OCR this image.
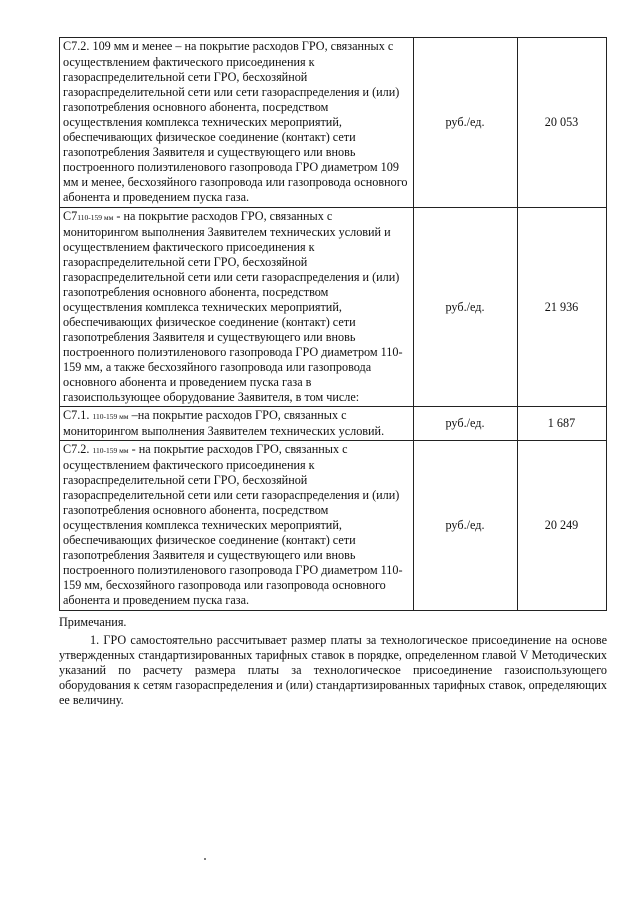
С7.2. 109 мм и менее – на покрытие расходов ГРО, связанных с осуществлением фактического присоединения к газораспределительной сети ГРО, бесхозяйной газораспределительной сети или сети газораспределения и (или) газопотребления основного абонента, посредством осуществления комплекса технических мероприятий, обеспечивающих физическое соединение (контакт) сети газопотребления Заявителя и существующего или вновь построенного полиэтиленового газопровода ГРО диаметром 109 мм и менее, бесхозяйного газопровода или газопровода основного абонента и проведением пуска газа.	руб./ед.	20 053
С7110-159 мм - на покрытие расходов ГРО, связанных с мониторингом выполнения Заявителем технических условий и осуществлением фактического присоединения к газораспределительной сети ГРО, бесхозяйной газораспределительной сети или сети газораспределения и (или) газопотребления основного абонента, посредством осуществления комплекса технических мероприятий, обеспечивающих физическое соединение (контакт) сети газопотребления Заявителя и существующего или вновь построенного полиэтиленового газопровода ГРО диаметром 110-159 мм, а также бесхозяйного газопровода или газопровода основного абонента и проведением пуска газа в газоиспользующее оборудование Заявителя, в том числе:	руб./ед.	21 936
С7.1. 110-159 мм –на покрытие расходов ГРО, связанных с мониторингом выполнения Заявителем технических условий.	руб./ед.	1 687
С7.2. 110-159 мм - на покрытие расходов ГРО, связанных с осуществлением фактического присоединения к газораспределительной сети ГРО, бесхозяйной газораспределительной сети или сети газораспределения и (или) газопотребления основного абонента, посредством осуществления комплекса технических мероприятий, обеспечивающих физическое соединение (контакт) сети газопотребления Заявителя и существующего или вновь построенного полиэтиленового газопровода ГРО диаметром 110-159 мм, бесхозяйного газопровода или газопровода основного абонента и проведением пуска газа.	руб./ед.	20 249
Примечания.

1. ГРО самостоятельно рассчитывает размер платы за технологическое присоединение на основе утвержденных стандартизированных тарифных ставок в порядке, определенном главой V Методических указаний по расчету размера платы за технологическое присоединение газоиспользующего оборудования к сетям газораспределения и (или) стандартизированных тарифных ставок, определяющих ее величину.
